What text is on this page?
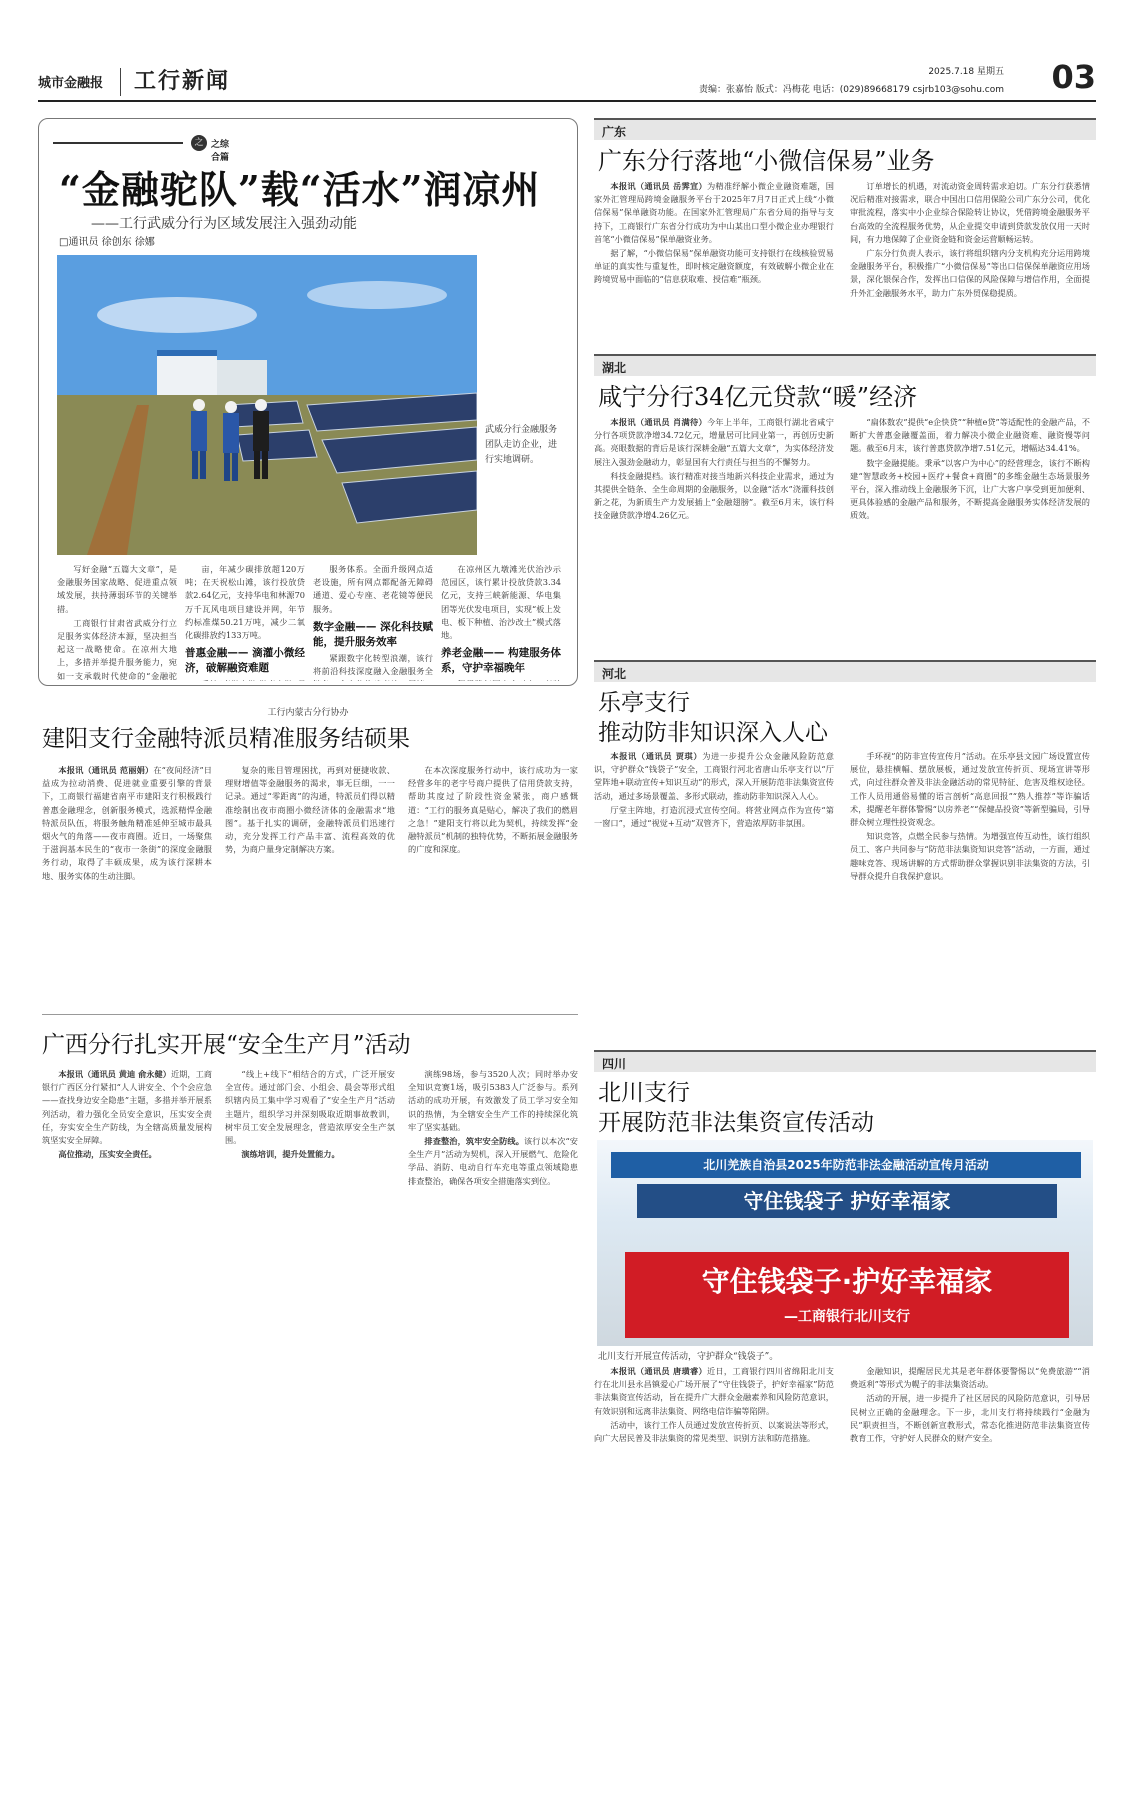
城市金融报 工行新闻	2025.7.18 星期五
责编：张嘉怡 版式：冯梅花 电话：(029)89668179 csjrb103@sohu.com 03
之 之综合篇
“金融驼队”载“活水”润凉州
——工行武威分行为区域发展注入强劲动能
□通讯员 徐创东 徐娜
武威分行金融服务团队走访企业，进行实地调研。

写好金融“五篇大文章”，是金融服务国家战略、促进重点领域发展，扶持薄弱环节的关键举措。

工商银行甘肃省武威分行立足服务实体经济本源，坚决担当起这一战略使命。在凉州大地上，多措并举提升服务能力，宛如一支承载时代使命的“金融驼

亩，年减少碳排放超120万吨；在天祝松山滩，该行投放贷款2.64亿元，支持华电和林源70万千瓦风电项目建设并网，年节约标准煤50.21万吨，减少二氧化碳排放约133万吨。

普惠金融—— 滴灌小微经济，破解融资难题

服务体系。全面升级网点适老设施，所有网点都配备无障碍通道、爱心专座、老花镜等便民服务。

数字金融—— 深化科技赋能，提升服务效率

紧跟数字化转型浪潮，该行将前沿科技深度融入金融服务全

在凉州区九墩滩光伏治沙示范园区，该行累计投放贷款3.34亿元，支持三峡新能源、华电集团等光伏发电项目，实现“板上发电、板下种植、治沙改土”模式落地。

养老金融—— 构建服务体系，守护幸福晚年

广东
广东分行落地“小微信保易”业务

本报讯（通讯员 岳霁宣）为精准纾解小微企业融资难题，国家外汇管理局跨境金融服务平台于2025年7月7日正式上线“小微信保易”保单融资功能。在国家外汇管理局广东省分局的指导与支持下，工商银行广东省分行成功为中山某出口型小微企业办理银行首笔“小微信保易”保单融资业务。

据了解，“小微信保易”保单融资功能可支持银行在线核验贸易单证的真实性与重复性，即时核定融资额度，有效破解小微企业在跨境贸易中面临的“信息获取难、授信难”瓶颈。

订单增长的机遇，对流动资金周转需求迫切。广东分行获悉情况后精准对接需求，联合中国出口信用保险公司广东分公司，优化审批流程，落实中小企业综合保险转让协议，凭借跨境金融服务平台高效的全流程服务优势，从企业提交申请到贷款发放仅用一天时间，有力地保障了企业资金链和资金运营顺畅运转。

广东分行负责人表示，该行将组织辖内分支机构充分运用跨境金融服务平台，积极推广“小微信保易”等出口信保保单融资应用场景，深化银保合作，发挥出口信保的风险保障与增信作用，全面提升外汇金融服务水平，助力广东外贸保稳提质。

湖北
咸宁分行34亿元贷款“暖”经济

本报讯（通讯员 肖满待）今年上半年，工商银行湖北省咸宁分行各项贷款净增34.72亿元，增量居可比同业第一，再创历史新高。亮眼数据的背后是该行深耕金融“五篇大文章”，为实体经济发展注入强劲金融动力，彰显国有大行责任与担当的不懈努力。

科技金融提档。该行精准对接当地新兴科技企业需求，通过为其提供全链条、全生命周期的金融服务，以金融“活水”浇灌科技创新之花，为新质生产力发展插上“金融翅膀”。截至6月末，该行科技金融贷款净增4.26亿元。

“扁体数农”提供“e企快贷”“种植e贷”等适配性的金融产品，不断扩大普惠金融覆盖面，着力解决小微企业融资难、融资慢等问题。截至6月末，该行普惠贷款净增7.51亿元，增幅达34.41%。

数字金融提能。秉承“以客户为中心”的经营理念，该行不断构建“智慧政务+校园+医疗+餐食+商圈”的多维金融生态场景服务平台，深入推动线上金融服务下沉，让广大客户享受到更加便利、更具体验感的金融产品和服务，不断提高金融服务实体经济发展的质效。

河北
乐亭支行
推动防非知识深入人心

本报讯（通讯员 贾琪）为进一步提升公众金融风险防范意识，守护群众“钱袋子”安全，工商银行河北省唐山乐亭支行以“厅堂阵地+联动宣传+知识互动”的形式，深入开展防范非法集资宣传活动，通过多场景覆盖、多形式联动，推动防非知识深入人心。

厅堂主阵地，打造沉浸式宣传空间。将营业网点作为宣传“第一窗口”，通过“视觉+互动”双管齐下，营造浓厚防非氛围。

手环视”的防非宣传宣传月”活动。在乐亭县文园广场设置宣传展位，悬挂横幅、摆放展板，通过发放宣传折页、现场宣讲等形式，向过往群众普及非法金融活动的常见特征、危害及维权途径。工作人员用通俗易懂的语言剖析“高息回报”“熟人推荐”等诈骗话术，提醒老年群体警惕“以房养老”“保健品投资”等新型骗局，引导群众树立理性投资观念。

知识竞答，点燃全民参与热情。为增强宣传互动性，该行组织员工、客户共同参与“防范非法集资知识竞答”活动，一方面，通过趣味竞答、现场讲解的方式帮助群众掌握识别非法集资的方法，引导群众提升自我保护意识。

四川
北川支行
开展防范非法集资宣传活动
北川羌族自治县2025年防范非法金融活动宣传月活动
守住钱袋子 护好幸福家
守住钱袋子·护好幸福家
—工商银行北川支行
北川支行开展宣传活动，守护群众“钱袋子”。

本报讯（通讯员 唐璜睿）近日，工商银行四川省绵阳北川支行在北川县永昌镇爱心广场开展了“守住钱袋子，护好幸福家”防范非法集资宣传活动，旨在提升广大群众金融素养和风险防范意识，有效识别和远离非法集资、网络电信诈骗等陷阱。

活动中，该行工作人员通过发放宣传折页、以案说法等形式，向广大居民普及非法集资的常见类型、识别方法和防范措施。

金融知识，提醒居民尤其是老年群体要警惕以“免费旅游”“消费返利”等形式为幌子的非法集资活动。

活动的开展，进一步提升了社区居民的风险防范意识，引导居民树立正确的金融理念。下一步，北川支行将持续践行“金融为民”职责担当，不断创新宣教形式，常态化推进防范非法集资宣传教育工作，守护好人民群众的财产安全。

工行内蒙古分行协办
建阳支行金融特派员精准服务结硕果

本报讯（通讯员 范丽娟）在“夜间经济”日益成为拉动消费、促进就业重要引擎的背景下，工商银行福建省南平市建阳支行积极践行普惠金融理念，创新服务模式，选派精悍金融特派员队伍，将服务触角精准延伸至城市最具烟火气的角落——夜市商圈。近日，一场聚焦于滋润基本民生的“夜市一条街”的深度金融服务行动，取得了丰硕成果，成为该行深耕本地、服务实体的生动注脚。

复杂的账目管理困扰，再到对便捷收款、理财增值等金融服务的渴求，事无巨细，一一记录。通过“零距离”的沟通，特派员们得以精准绘制出夜市商圈小微经济体的金融需求“地图”。基于扎实的调研，金融特派员们迅速行动，充分发挥工行产品丰富、流程高效的优势，为商户量身定制解决方案。

在本次深度服务行动中，该行成功为一家经营多年的老字号商户提供了信用贷款支持，帮助其度过了阶段性资金紧张，商户感慨道：“工行的服务真是贴心，解决了我们的燃眉之急！”建阳支行将以此为契机，持续发挥“金融特派员”机制的独特优势，不断拓展金融服务的广度和深度。

广西分行扎实开展“安全生产月”活动

本报讯（通讯员 黄迪 俞永健）近期，工商银行广西区分行紧扣“人人讲安全、个个会应急——查找身边安全隐患”主题，多措并举开展系列活动，着力强化全员安全意识，压实安全责任，夯实安全生产防线，为全辖高质量发展构筑坚实安全屏障。

高位推动，压实安全责任。

“线上+线下”相结合的方式，广泛开展安全宣传。通过部门会、小组会、晨会等形式组织辖内员工集中学习观看了“安全生产月”活动主题片，组织学习并深刻吸取近期事故教训，树牢员工安全发展理念，营造浓厚安全生产氛围。

演练培训，提升处置能力。

演练98场，参与3520人次；同时举办安全知识竞赛1场，吸引5383人广泛参与。系列活动的成功开展，有效激发了员工学习安全知识的热情，为全辖安全生产工作的持续深化筑牢了坚实基础。

排查整治，筑牢安全防线。该行以本次“安全生产月”活动为契机，深入开展燃气、危险化学品、消防、电动自行车充电等重点领域隐患排查整治，确保各项安全措施落实到位。
